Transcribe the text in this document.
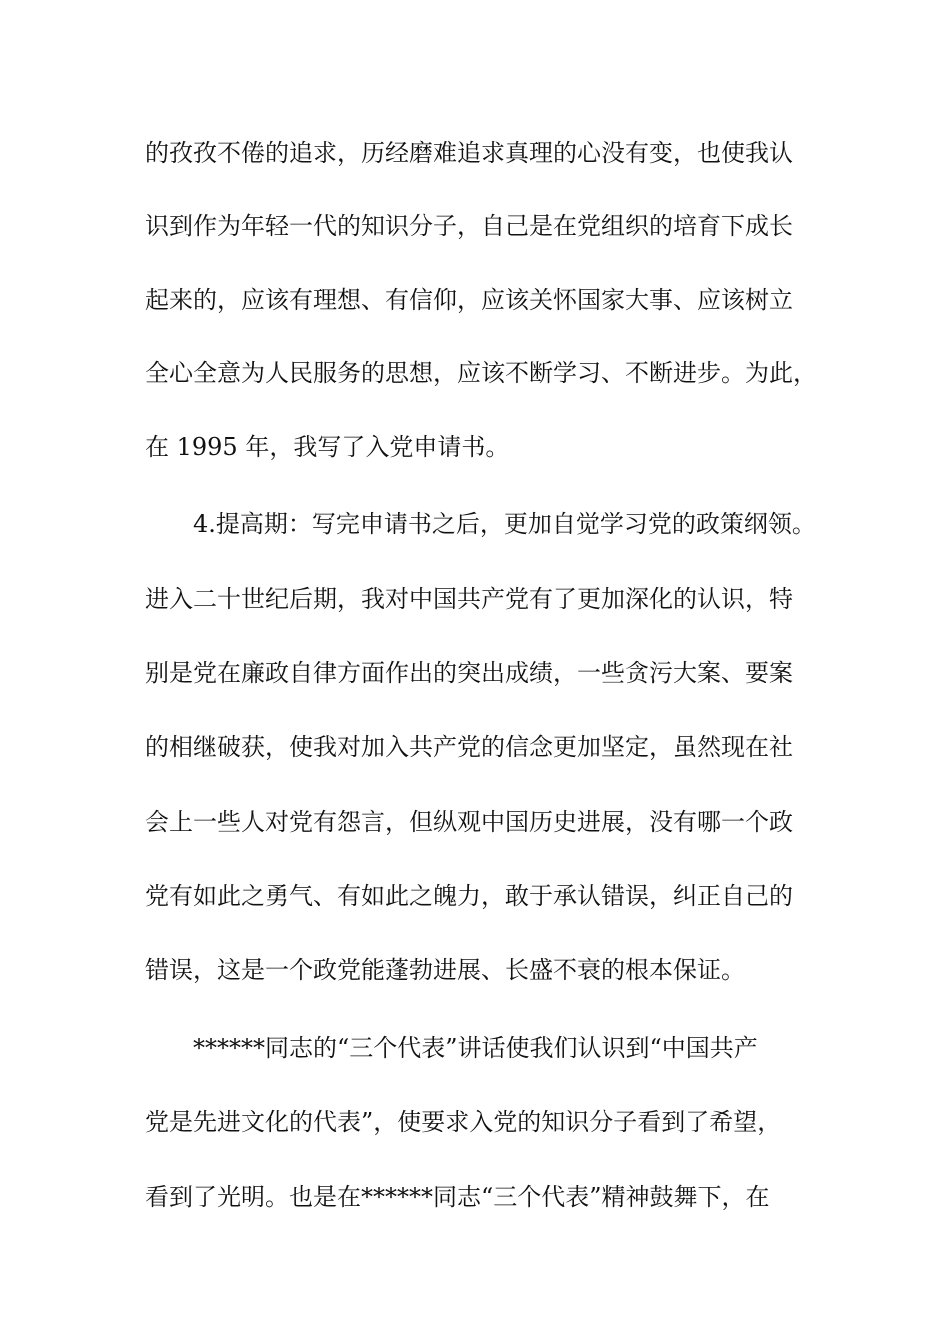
的孜孜不倦的追求，历经磨难追求真理的心没有变，也使我认
识到作为年轻一代的知识分子，自己是在党组织的培育下成长
起来的，应该有理想、有信仰，应该关怀国家大事、应该树立
全心全意为人民服务的思想，应该不断学习、不断进步。为此，
在 1995 年，我写了入党申请书。
4.提高期：写完申请书之后，更加自觉学习党的政策纲领。
进入二十世纪后期，我对中国共产党有了更加深化的认识，特
别是党在廉政自律方面作出的突出成绩，一些贪污大案、要案
的相继破获，使我对加入共产党的信念更加坚定，虽然现在社
会上一些人对党有怨言，但纵观中国历史进展，没有哪一个政
党有如此之勇气、有如此之魄力，敢于承认错误，纠正自己的
错误，这是一个政党能蓬勃进展、长盛不衰的根本保证。
******同志的“三个代表”讲话使我们认识到“中国共产
党是先进文化的代表”，使要求入党的知识分子看到了希望，
看到了光明。也是在******同志“三个代表”精神鼓舞下，在
